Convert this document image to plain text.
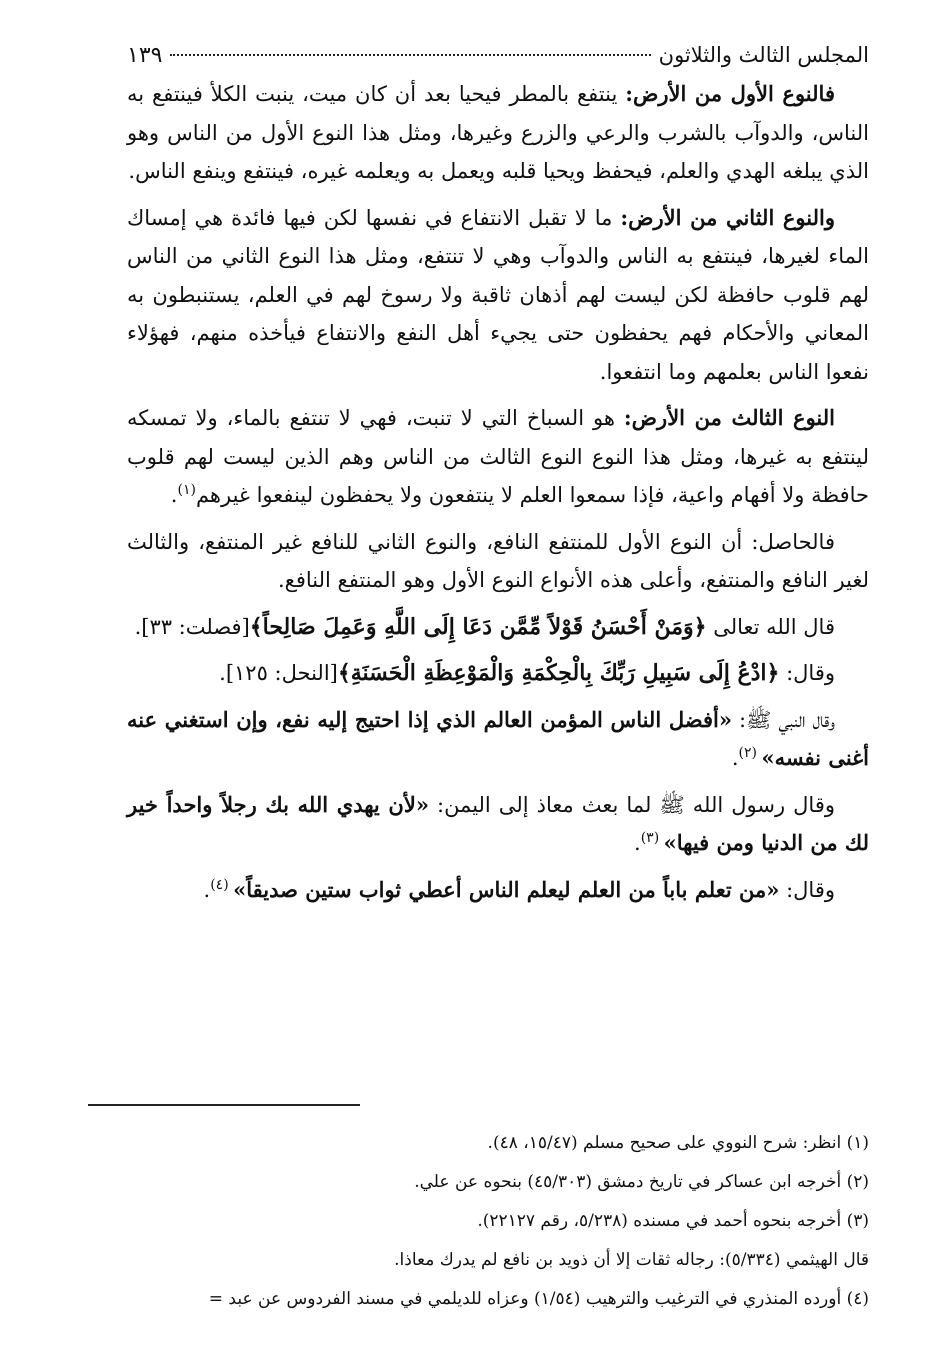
المجلس الثالث والثلاثون
١٣٩

فالنوع الأول من الأرض: ينتفع بالمطر فيحيا بعد أن كان ميت، ينبت الكلأ فينتفع به الناس، والدوآب بالشرب والرعي والزرع وغيرها، ومثل هذا النوع الأول من الناس وهو الذي يبلغه الهدي والعلم، فيحفظ ويحيا قلبه ويعمل به ويعلمه غيره، فينتفع وينفع الناس.

والنوع الثاني من الأرض: ما لا تقبل الانتفاع في نفسها لكن فيها فائدة هي إمساك الماء لغيرها، فينتفع به الناس والدوآب وهي لا تنتفع، ومثل هذا النوع الثاني من الناس لهم قلوب حافظة لكن ليست لهم أذهان ثاقبة ولا رسوخ لهم في العلم، يستنبطون به المعاني والأحكام فهم يحفظون حتى يجيء أهل النفع والانتفاع فيأخذه منهم، فهؤلاء نفعوا الناس بعلمهم وما انتفعوا.

النوع الثالث من الأرض: هو السباخ التي لا تنبت، فهي لا تنتفع بالماء، ولا تمسكه لينتفع به غيرها، ومثل هذا النوع النوع الثالث من الناس وهم الذين ليست لهم قلوب حافظة ولا أفهام واعية، فإذا سمعوا العلم لا ينتفعون ولا يحفظون لينفعوا غيرهم$^{(١)}$.

فالحاصل: أن النوع الأول للمنتفع النافع، والنوع الثاني للنافع غير المنتفع، والثالث لغير النافع والمنتفع، وأعلى هذه الأنواع النوع الأول وهو المنتفع النافع.

قال الله تعالى ﴿وَمَنْ أَحْسَنُ قَوْلاً مِّمَّن دَعَا إِلَى اللَّهِ وَعَمِلَ صَالِحاً﴾[فصلت: ٣٣].

وقال: ﴿ادْعُ إِلَى سَبِيلِ رَبِّكَ بِالْحِكْمَةِ وَالْمَوْعِظَةِ الْحَسَنَةِ﴾[النحل: ١٢٥].

وقال النبي ﷺ: «أفضل الناس المؤمن العالم الذي إذا احتيج إليه نفع، وإن استغني عنه أغنى نفسه» $^{(٢)}$.

وقال رسول الله ﷺ لما بعث معاذ إلى اليمن: «لأن يهدي الله بك رجلاً واحداً خير لك من الدنيا ومن فيها» $^{(٣)}$.

وقال: «من تعلم باباً من العلم ليعلم الناس أعطي ثواب ستين صديقاً» $^{(٤)}$.

(١) انظر: شرح النووي على صحيح مسلم (١٥/٤٧، ٤٨).

(٢) أخرجه ابن عساكر في تاريخ دمشق (٤٥/٣٠٣) بنحوه عن علي.

(٣) أخرجه بنحوه أحمد في مسنده (٥/٢٣٨، رقم ٢٢١٢٧).

قال الهيثمي (٥/٣٣٤): رجاله ثقات إلا أن ذويد بن نافع لم يدرك معاذا.

(٤) أورده المنذري في الترغيب والترهيب (١/٥٤) وعزاه للديلمي في مسند الفردوس عن عبد =
